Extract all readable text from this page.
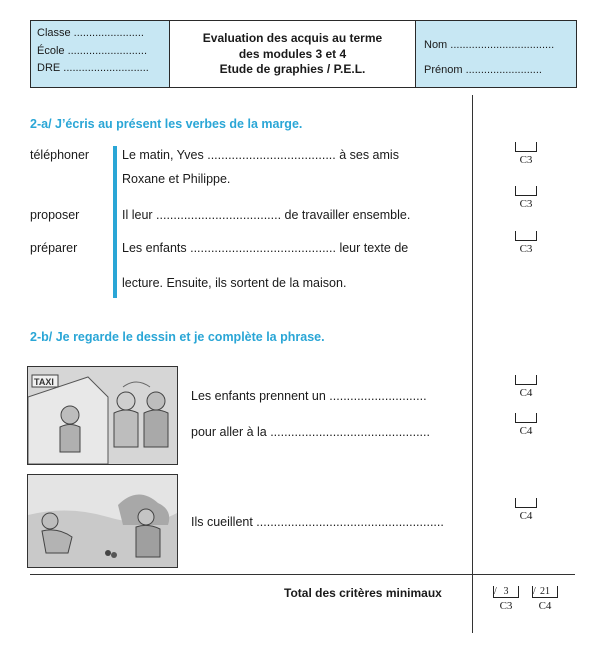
Classe .......................
École ..........................
DRE ............................
Evaluation des acquis au terme
des modules 3 et 4
Etude de graphies / P.E.L.
Nom ..................................
Prénom .........................
2-a/ J’écris au présent les verbes de la marge.
téléphoner
proposer
préparer
Le matin, Yves ..................................... à ses amis
Roxane et Philippe.
Il leur .................................... de travailler ensemble.
Les enfants .......................................... leur texte de
lecture. Ensuite, ils sortent de la maison.
C3
C3
C3
2-b/ Je regarde le dessin et je complète la phrase.
TAXI
Les enfants prennent un ............................
pour aller à la ..............................................
Ils cueillent ......................................................
C4
C4
C4
Total des critères minimaux	/ 3
C3
/ 21
C4
